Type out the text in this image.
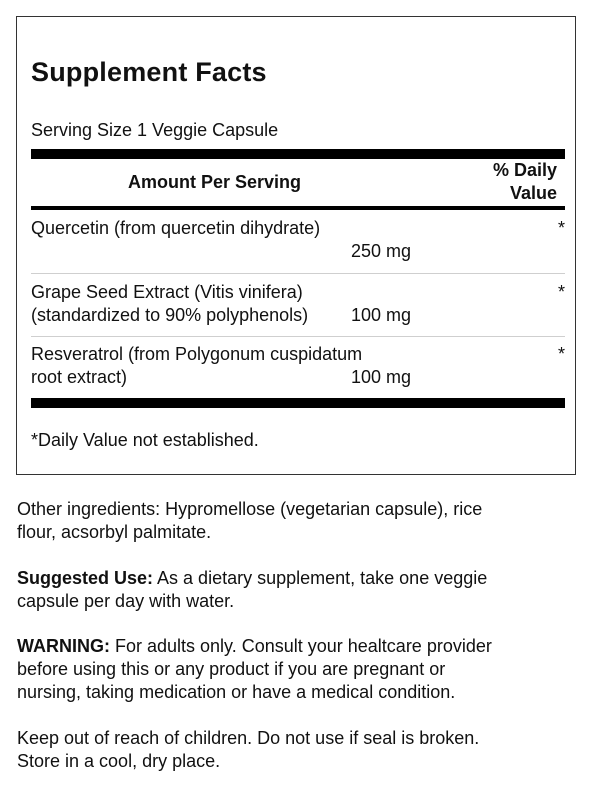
Supplement Facts
Serving Size 1 Veggie Capsule
Amount Per Serving
% Daily
Value
Quercetin (from quercetin dihydrate)
250 mg
*
Grape Seed Extract (Vitis vinifera)
(standardized to 90% polyphenols) 100 mg
*
Resveratrol (from Polygonum cuspidatum
root extract)	100 mg
*
*Daily Value not established.
Other ingredients: Hypromellose (vegetarian capsule), rice
flour, acsorbyl palmitate.
Suggested Use: As a dietary supplement, take one veggie
capsule per day with water.
WARNING: For adults only. Consult your healtcare provider
before using this or any product if you are pregnant or
nursing, taking medication or have a medical condition.
Keep out of reach of children. Do not use if seal is broken.
Store in a cool, dry place.
